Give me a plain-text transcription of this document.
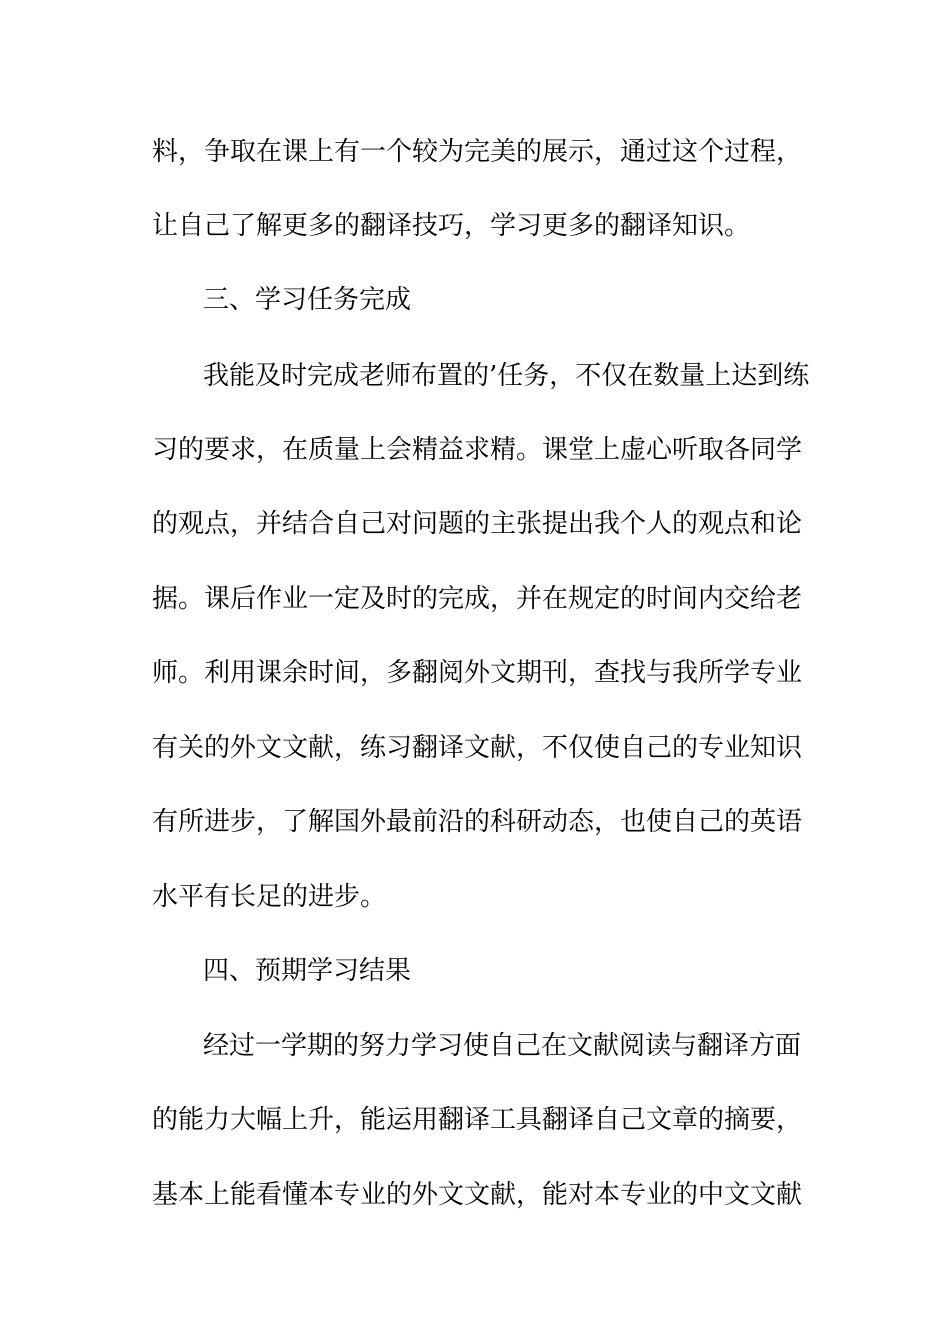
料，争取在课上有一个较为完美的展示，通过这个过程，
让自己了解更多的翻译技巧，学习更多的翻译知识。
三、学习任务完成
我能及时完成老师布置的’任务，不仅在数量上达到练
习的要求，在质量上会精益求精。课堂上虚心听取各同学
的观点，并结合自己对问题的主张提出我个人的观点和论
据。课后作业一定及时的完成，并在规定的时间内交给老
师。利用课余时间，多翻阅外文期刊，查找与我所学专业
有关的外文文献，练习翻译文献，不仅使自己的专业知识
有所进步，了解国外最前沿的科研动态，也使自己的英语
水平有长足的进步。
四、预期学习结果
经过一学期的努力学习使自己在文献阅读与翻译方面
的能力大幅上升，能运用翻译工具翻译自己文章的摘要，
基本上能看懂本专业的外文文献，能对本专业的中文文献
